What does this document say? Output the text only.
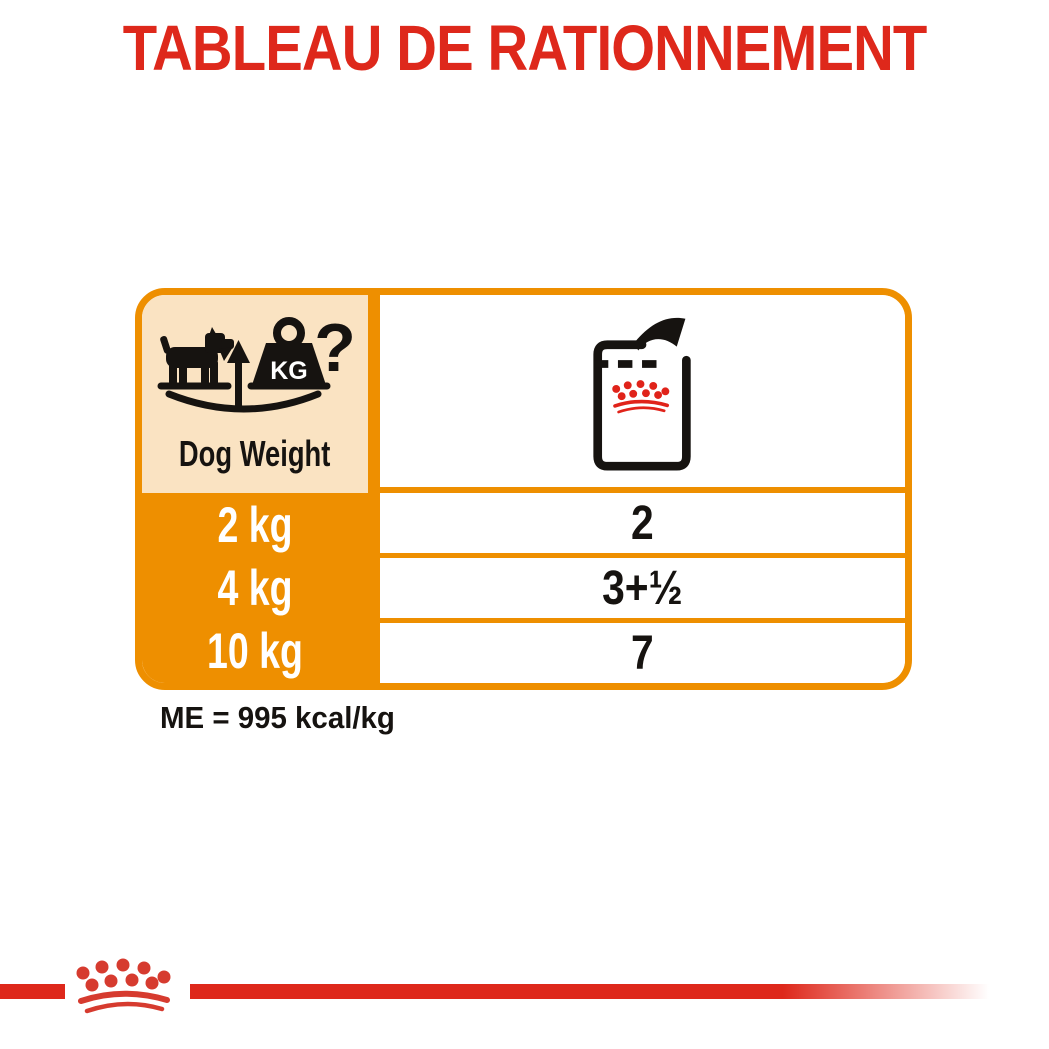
TABLEAU DE RATIONNEMENT
KG ?
Dog Weight
2 kg
4 kg
10 kg
2
3+½
7
ME = 995 kcal/kg
